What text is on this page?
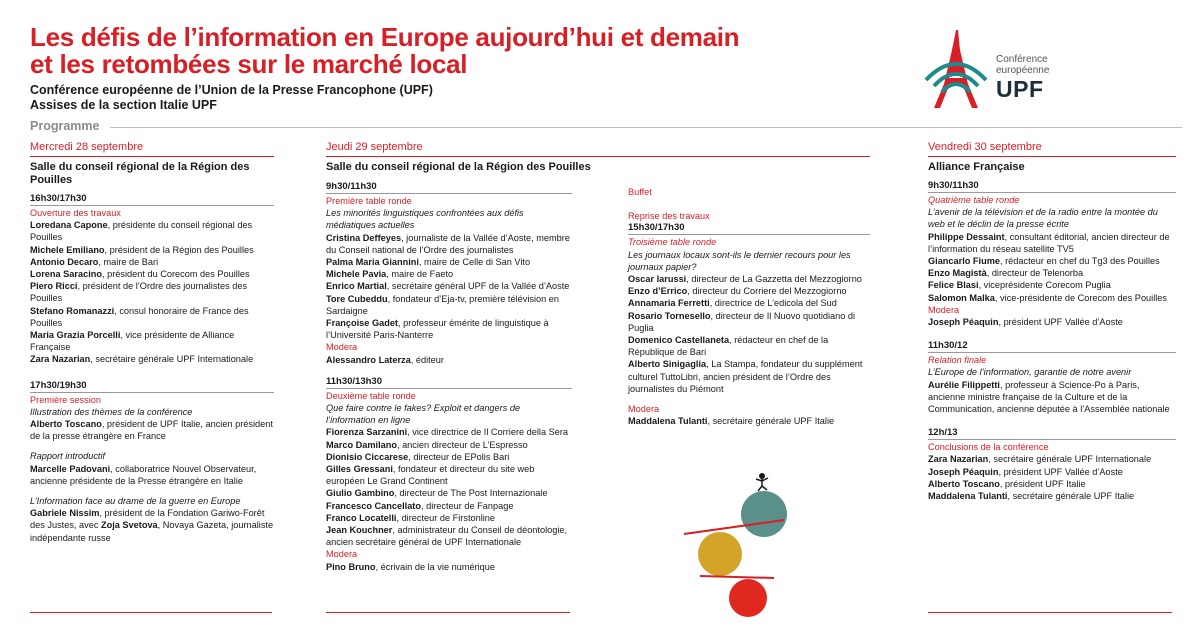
Les défis de l’information en Europe aujourd’hui et demain
et les retombées sur le marché local
Conférence européenne de l’Union de la Presse Francophone (UPF)
Assises de la section Italie UPF
Programme
Conférence
européenne
UPF
Mercredi 28 septembre
Salle du conseil régional de la Région des Pouilles
16h30/17h30

Ouverture des travaux

Loredana Capone, présidente du conseil régional des Pouilles

Michele Emiliano, président de la Région des Pouilles

Antonio Decaro, maire de Bari

Lorena Saracino, président du Corecom des Pouilles

Piero Ricci, président de l’Ordre des journalistes des Pouilles

Stefano Romanazzi, consul honoraire de France des Pouilles

Maria Grazia Porcelli, vice présidente de Alliance Française

Zara Nazarian, secrétaire générale UPF Internationale

17h30/19h30

Première session

Illustration des thèmes de la conférence

Alberto Toscano, président de UPF Italie, ancien président de la presse étrangère en France

Rapport introductif

Marcelle Padovani, collaboratrice Nouvel Observateur, ancienne présidente de la Presse étrangère en Italie

L’Information face au drame de la guerre en Europe

Gabriele Nissim, président de la Fondation Gariwo-Forêt des Justes, avec Zoja Svetova, Novaya Gazeta, journaliste indépendante russe

Jeudi 29 septembre
Salle du conseil régional de la Région des Pouilles
9h30/11h30

Première table ronde

Les minorités linguistiques confrontées aux défis médiatiques actuelles

Cristina Deffeyes, journaliste de la Vallée d’Aoste, membre du Conseil national de l’Ordre des journalistes

Palma Maria Giannini, maire de Celle di San Vito

Michele Pavia, maire de Faeto

Enrico Martial, secrétaire général UPF de la Vallée d’Aoste

Tore Cubeddu, fondateur d’Eja-tv, première télévision en Sardaigne

Françoise Gadet, professeur émérite de linguistique à l’Université Paris-Nanterre

Modera

Alessandro Laterza, éditeur

11h30/13h30

Deuxième table ronde

Que faire contre le fakes? Exploit et dangers de l’information en ligne

Fiorenza Sarzanini, vice directrice de Il Corriere della Sera

Marco Damilano, ancien directeur de L’Espresso

Dionisio Ciccarese, directeur de EPolis Bari

Gilles Gressani, fondateur et directeur du site web européen Le Grand Continent

Giulio Gambino, directeur de The Post Internazionale

Francesco Cancellato, directeur de Fanpage

Franco Locatelli, directeur de Firstonline

Jean Kouchner, administrateur du Conseil de déontologie, ancien secrétaire général de UPF Internationale

Modera

Pino Bruno, écrivain de la vie numérique

Buffet

Reprise des travaux

15h30/17h30

Troisième table ronde

Les journaux locaux sont-ils le dernier recours pour les journaux papier?

Oscar Iarussi, directeur de La Gazzetta del Mezzogiorno

Enzo d’Errico, directeur du Corriere del Mezzogiorno

Annamaria Ferretti, directrice de L’edicola del Sud

Rosario Tornesello, directeur de Il Nuovo quotidiano di Puglia

Domenico Castellaneta, rédacteur en chef de la République de Bari

Alberto Sinigaglia, La Stampa, fondateur du supplément culturel TuttoLibri, ancien président de l’Ordre des journalistes du Piémont

Modera

Maddalena Tulanti, secrétaire générale UPF Italie

Vendredi 30 septembre
Alliance Française
9h30/11h30

Quatrième table ronde

L’avenir de la télévision et de la radio entre la montée du web et le déclin de la presse écrite

Philippe Dessaint, consultant éditorial, ancien directeur de l’information du réseau satellite TV5

Giancarlo Fiume, rédacteur en chef du Tg3 des Pouilles

Enzo Magistà, directeur de Telenorba

Felice Blasi, viceprésidente Corecom Puglia

Salomon Malka, vice-présidente de Corecom des Pouilles

Modera

Joseph Péaquin, président UPF Vallée d’Aoste

11h30/12

Relation finale

L’Europe de l’information, garantie de notre avenir

Aurélie Filippetti, professeur à Science-Po à Paris, ancienne ministre française de la Culture et de la Communication, ancienne députée à l’Assemblée nationale

12h/13

Conclusions de la conférence

Zara Nazarian, secrétaire générale UPF Internationale

Joseph Péaquin, président UPF Vallée d’Aoste

Alberto Toscano, président UPF Italie

Maddalena Tulanti, secrétaire générale UPF Italie
